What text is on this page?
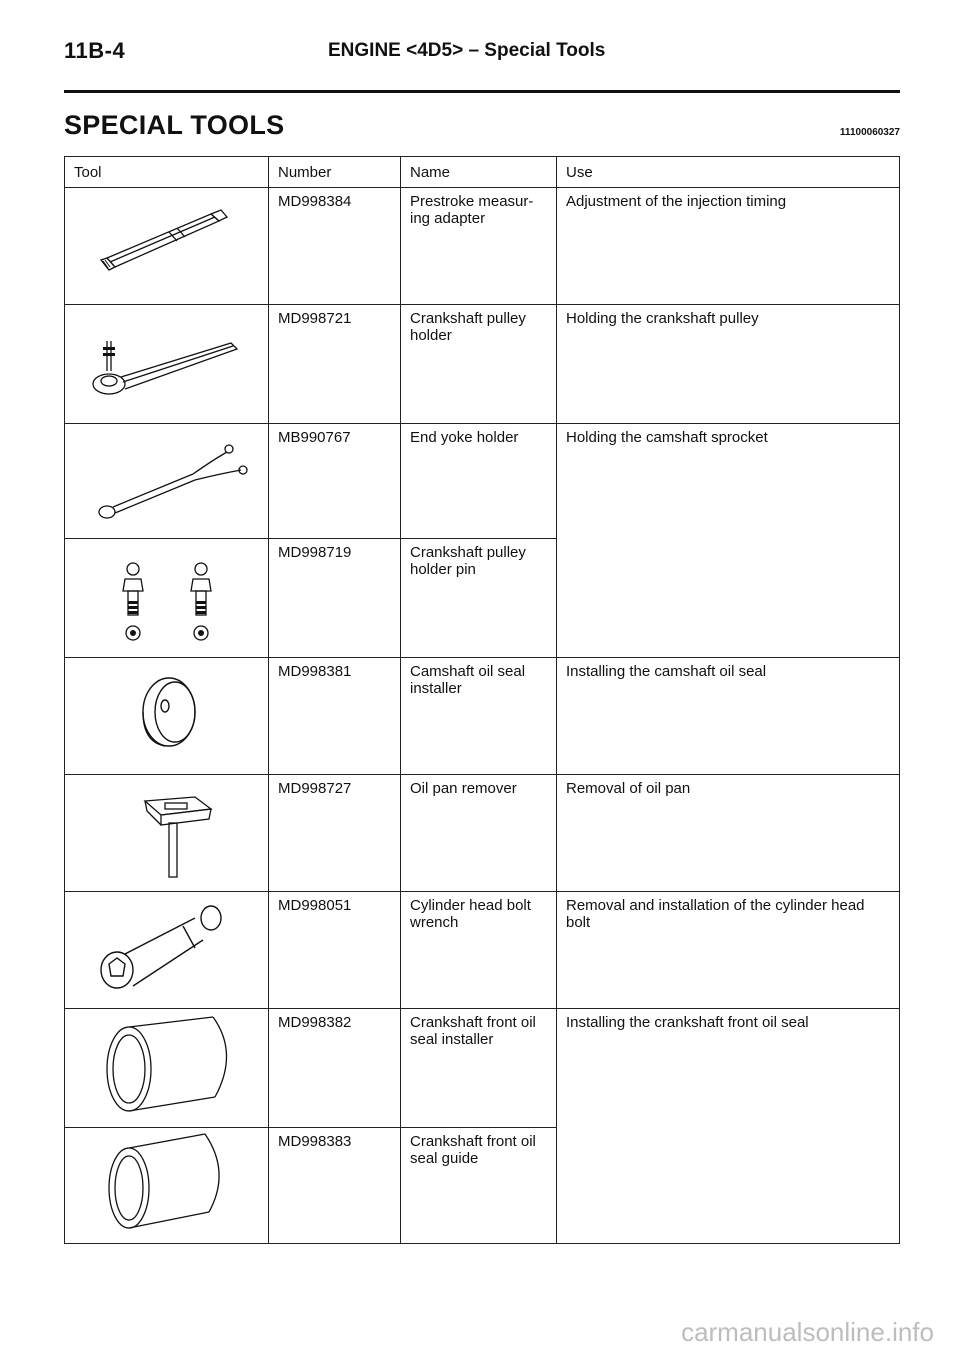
11B-4	ENGINE <4D5> – Special Tools
SPECIAL TOOLS	11100060327
Tool	Number	Name	Use

	MD998384	Prestroke measur-
ing adapter	Adjustment of the injection timing

	MD998721	Crankshaft pulley
holder	Holding the crankshaft pulley

	MB990767	End yoke holder	Holding the camshaft sprocket

	MD998719	Crankshaft pulley
holder pin	

	MD998381	Camshaft oil seal
installer	Installing the camshaft oil seal

	MD998727	Oil pan remover	Removal of oil pan

	MD998051	Cylinder head bolt
wrench	Removal and installation of the cylinder head bolt

	MD998382	Crankshaft front oil
seal installer	Installing the crankshaft front oil seal

	MD998383	Crankshaft front oil
seal guide	
carmanualsonline.info
